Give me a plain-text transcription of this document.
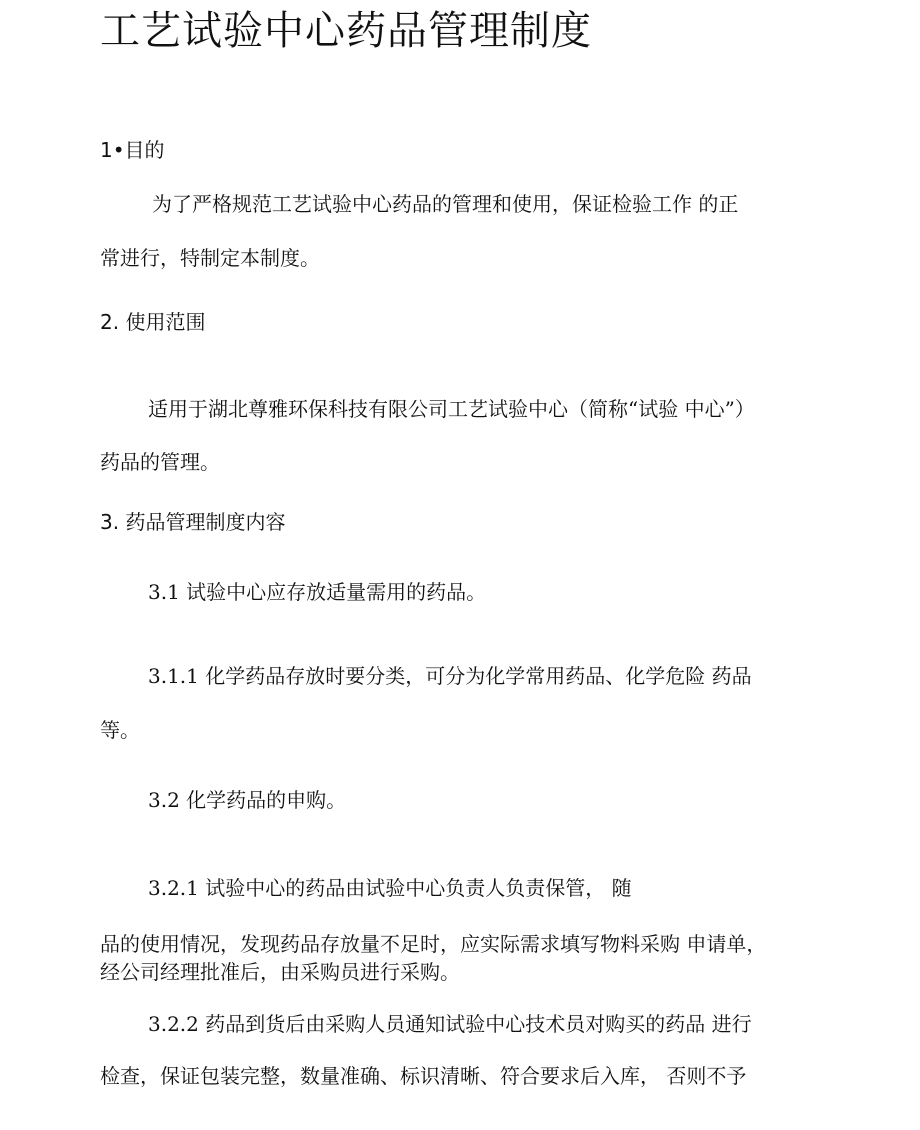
工艺试验中心药品管理制度

1•目的

为了严格规范工艺试验中心药品的管理和使用，保证检验工作 的正

常进行，特制定本制度。

2. 使用范围

适用于湖北尊雅环保科技有限公司工艺试验中心（简称“试验 中心”）

药品的管理。

3. 药品管理制度内容

3.1 试验中心应存放适量需用的药品。

3.1.1 化学药品存放时要分类，可分为化学常用药品、化学危险 药品

等。

3.2 化学药品的申购。

3.2.1 试验中心的药品由试验中心负责人负责保管， 随

品的使用情况，发现药品存放量不足时，应实际需求填写物料采购 申请单，

经公司经理批准后，由采购员进行采购。

3.2.2 药品到货后由采购人员通知试验中心技术员对购买的药品 进行

检查，保证包装完整，数量准确、标识清晰、符合要求后入库， 否则不予
